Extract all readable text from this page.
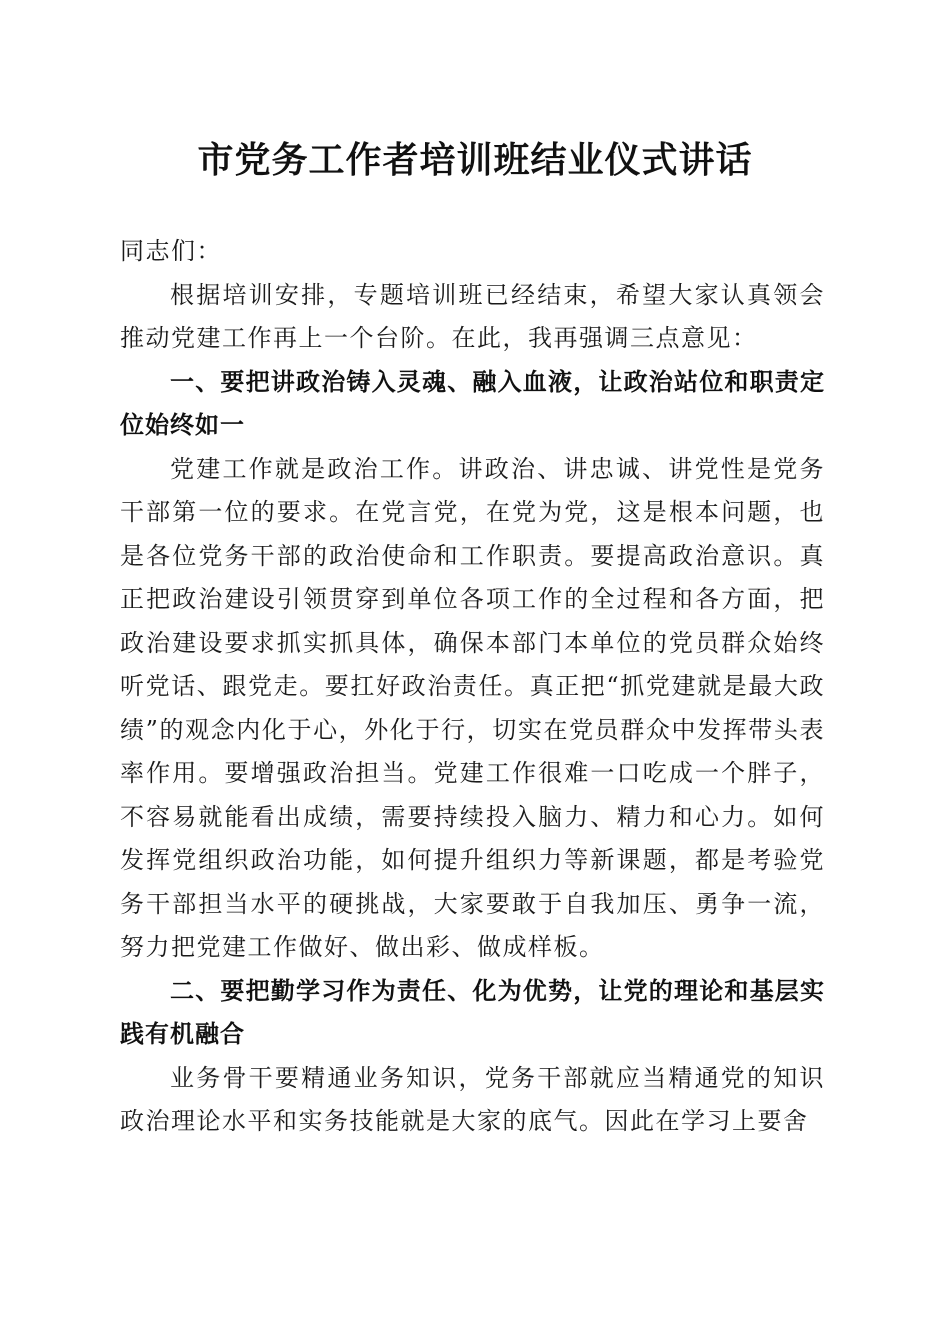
市党务工作者培训班结业仪式讲话

同志们：

根据培训安排，专题培训班已经结束，希望大家认真领会推动党建工作再上一个台阶。在此，我再强调三点意见：

一、要把讲政治铸入灵魂、融入血液，让政治站位和职责定位始终如一

党建工作就是政治工作。讲政治、讲忠诚、讲党性是党务干部第一位的要求。在党言党，在党为党，这是根本问题，也是各位党务干部的政治使命和工作职责。要提高政治意识。真正把政治建设引领贯穿到单位各项工作的全过程和各方面，把政治建设要求抓实抓具体，确保本部门本单位的党员群众始终听党话、跟党走。要扛好政治责任。真正把“抓党建就是最大政绩”的观念内化于心，外化于行，切实在党员群众中发挥带头表率作用。要增强政治担当。党建工作很难一口吃成一个胖子，不容易就能看出成绩，需要持续投入脑力、精力和心力。如何发挥党组织政治功能，如何提升组织力等新课题，都是考验党务干部担当水平的硬挑战，大家要敢于自我加压、勇争一流，努力把党建工作做好、做出彩、做成样板。

二、要把勤学习作为责任、化为优势，让党的理论和基层实践有机融合

业务骨干要精通业务知识，党务干部就应当精通党的知识政治理论水平和实务技能就是大家的底气。因此在学习上要舍
